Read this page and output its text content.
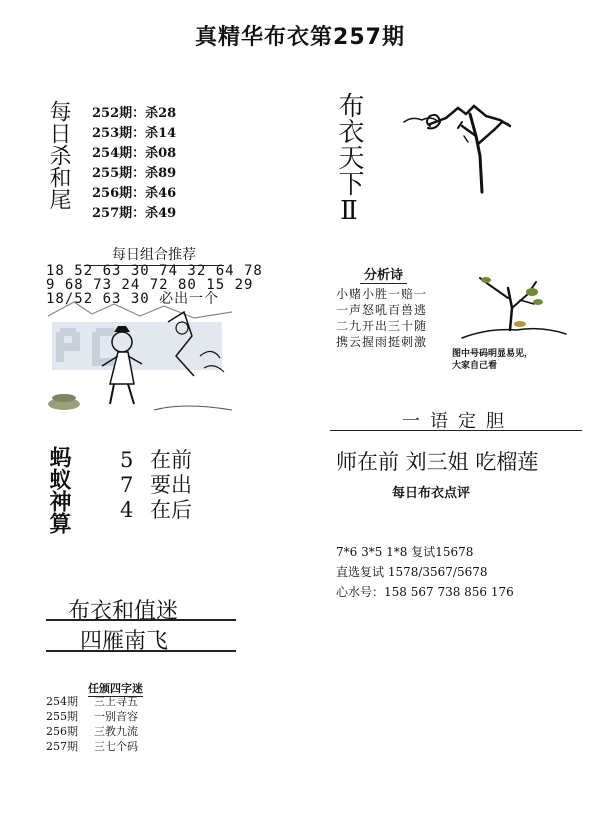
真精华布衣第257期
每日杀和尾 252期：杀28
253期：杀14
254期：杀08
255期：杀89
256期：杀46
257期：杀49	布衣天下Ⅱ
每日组合推荐
18 52 63 30 74 32 64 78
9 68 73 24 72 80 15 29
18/52 63 30 必出一个
蚂蚁神算 5 在前
7 要出
4 在后
布衣和值迷
四雁南飞
任颁四字迷
254期 三上寻五
255期 一别音容
256期 三教九流
257期 三七个码
分析诗
小赌小胜一赔一
一声怒吼百兽逃
二九开出三十随
携云握雨挺刺激
图中号码明显易见，
大家自己看
一语定胆
师在前 刘三姐 吃榴莲
每日布衣点评
7*6 3*5 1*8 复试15678
直选复试 1578/3567/5678
心水号：158 567 738 856 176
